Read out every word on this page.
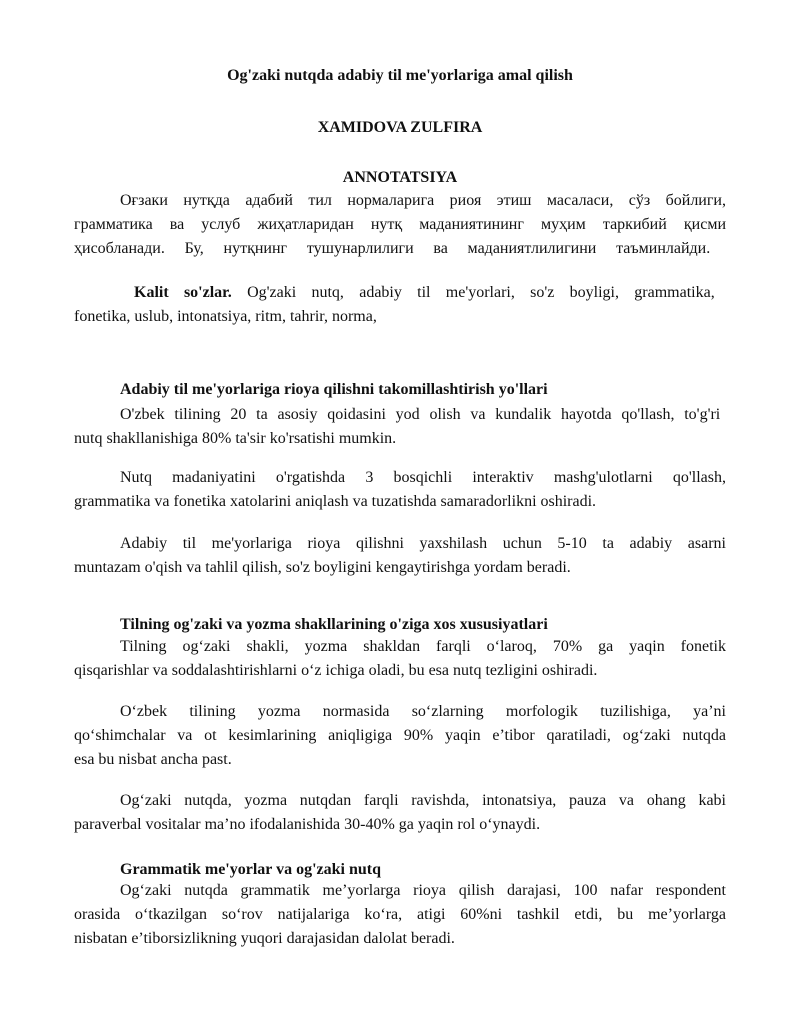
Og'zaki nutqda adabiy til me'yorlariga amal qilish
XAMIDOVA ZULFIRA
ANNOTATSIYA
Оғзаки нутқда адабий тил нормаларига риоя этиш масаласи, сўз бойлиги,
грамматика ва услуб жиҳатларидан нутқ маданиятининг муҳим таркибий қисми
ҳисобланади. Бу, нутқнинг тушунарлилиги ва маданиятлилигини таъминлайди.
Kalit so'zlar. Og'zaki nutq, adabiy til me'yorlari, so'z boyligi, grammatika,
fonetika, uslub, intonatsiya, ritm, tahrir, norma,
Adabiy til me'yorlariga rioya qilishni takomillashtirish yo'llari
O'zbek tilining 20 ta asosiy qoidasini yod olish va kundalik hayotda qo'llash, to'g'ri
nutq shakllanishiga 80% ta'sir ko'rsatishi mumkin.
Nutq madaniyatini o'rgatishda 3 bosqichli interaktiv mashg'ulotlarni qo'llash,
grammatika va fonetika xatolarini aniqlash va tuzatishda samaradorlikni oshiradi.
Adabiy til me'yorlariga rioya qilishni yaxshilash uchun 5-10 ta adabiy asarni
muntazam o'qish va tahlil qilish, so'z boyligini kengaytirishga yordam beradi.
Tilning og'zaki va yozma shakllarining o'ziga xos xususiyatlari
Tilning og‘zaki shakli, yozma shakldan farqli o‘laroq, 70% ga yaqin fonetik
qisqarishlar va soddalashtirishlarni o‘z ichiga oladi, bu esa nutq tezligini oshiradi.
O‘zbek tilining yozma normasida so‘zlarning morfologik tuzilishiga, ya’ni
qo‘shimchalar va ot kesimlarining aniqligiga 90% yaqin e’tibor qaratiladi, og‘zaki nutqda
esa bu nisbat ancha past.
Og‘zaki nutqda, yozma nutqdan farqli ravishda, intonatsiya, pauza va ohang kabi
paraverbal vositalar ma’no ifodalanishida 30-40% ga yaqin rol o‘ynaydi.
Grammatik me'yorlar va og'zaki nutq
Og‘zaki nutqda grammatik me’yorlarga rioya qilish darajasi, 100 nafar respondent
orasida o‘tkazilgan so‘rov natijalariga ko‘ra, atigi 60%ni tashkil etdi, bu me’yorlarga
nisbatan e’tiborsizlikning yuqori darajasidan dalolat beradi.
